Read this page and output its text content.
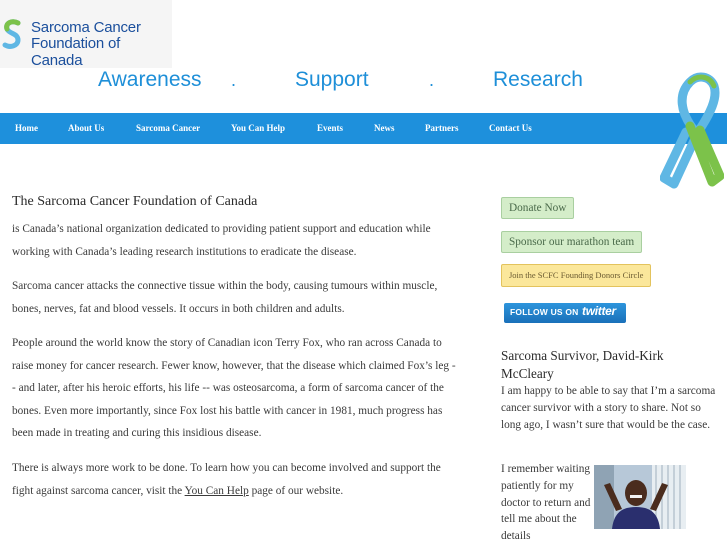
Sarcoma Cancer
Foundation of Canada
Awareness .	Support	.	Research
Home	About Us	Sarcoma Cancer	You Can Help	Events	News	Partners	Contact Us
The Sarcoma Cancer Foundation of Canada
is Canada’s national organization dedicated to providing patient support and education while working with Canada’s leading research institutions to eradicate the disease.
Sarcoma cancer attacks the connective tissue within the body, causing tumours within muscle, bones, nerves, fat and blood vessels. It occurs in both children and adults.
People around the world know the story of Canadian icon Terry Fox, who ran across Canada to raise money for cancer research. Fewer know, however, that the disease which claimed Fox’s leg -- and later, after his heroic efforts, his life -- was osteosarcoma, a form of sarcoma cancer of the bones. Even more importantly, since Fox lost his battle with cancer in 1981, much progress has been made in treating and curing this insidious disease.
There is always more work to be done. To learn how you can become involved and support the fight against sarcoma cancer, visit the You Can Help page of our website.
Donate Now
Sponsor our marathon team
Join the SCFC Founding Donors Circle
FOLLOW US ON twitter
Sarcoma Survivor, David-Kirk McCleary
I am happy to be able to say that I’m a sarcoma cancer survivor with a story to share. Not so long ago, I wasn’t sure that would be the case.
I remember waiting patiently for my doctor to return and tell me about the details
